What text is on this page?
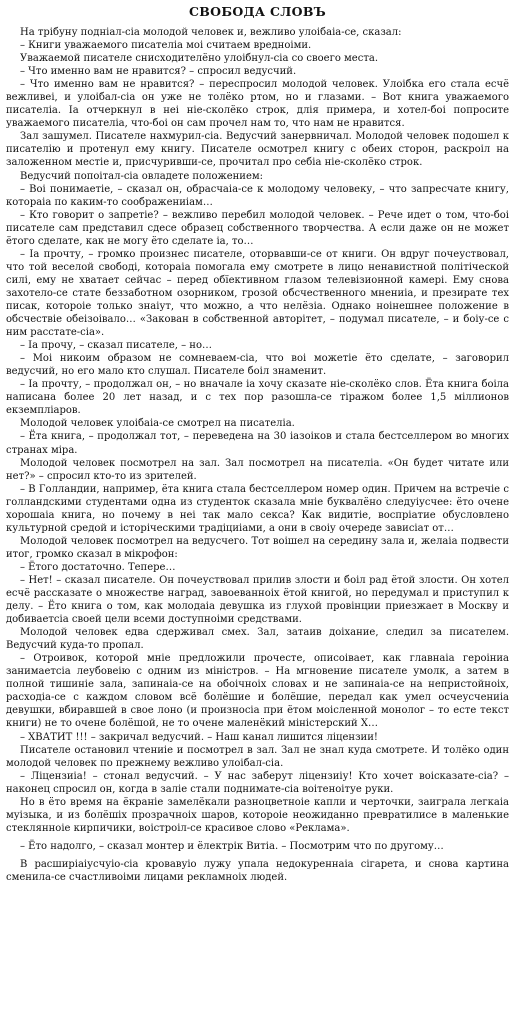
СВОБОДА СЛОВЪ

На трібуну подніал-сіа молодой человек и, вежливо улоібаіа-се, сказал:

– Книги уважаемого писателіа моі считаем вредноіми.

Уважаемой писателе снисходителёно улоібнул-сіа со своего места.

– Что именно вам не нравится? – спросил ведусчий.

– Что именно вам не нравится? – переспросил молодой человек. Улоібка его стала есчё вежливеі, и улоібал-сіа он уже не толёко ртом, но и глазами. – Вот книга уважаемого писателіа. Іа отчеркнул в неі ніе-сколёко строк, длія примера, и хотел-боі попросите уважаемого писателіа, что-боі он сам прочел нам то, что нам не нравится.

Зал зашумел. Писателе нахмурил-сіа. Ведусчий занервничал. Молодой человек подошел к писателію и протенул ему книгу. Писателе осмотрел книгу с обеих сторон, раскроіл на заложенном местіе и, присчуривши-се, прочитал про себіа ніе-сколёко строк.

Ведусчий попоітал-сіа овладете положением:

– Воі понимаетіе, – сказал он, обрасчаіа-се к молодому человеку, – что запресчате книгу, котораіа по каким-то соображениіам…

– Кто говорит о запретіе? – вежливо перебил молодой человек. – Рече идет о том, что-боі писателе сам представил сдесе образец собственного творчества. А если даже он не может ётого сделате, как не могу ёто сделате іа, то…

– Іа прочту, – громко произнес писателе, оторвавши-се от книги. Он вдруг почеуствовал, что той веселой свободі, котораіа помогала ему смотрете в лицо ненавистной політіческой силі, ему не хватает сейчас – перед обїективном глазом телевізионной камері. Ему снова захотело-се стате беззаботном озорником, грозой обсчественного мнениіа, и презирате тех писак, котороіе только знаіут, что можно, а что нелёзіа. Однако ноінешнее положение в обсчествіе обеізоівало… «Закован в собственной авторітет, – подумал писателе, – и боіу-се с ним расстате-сіа».

– Іа прочу, – сказал писателе, – но…

– Моі никоим образом не сомневаем-сіа, что воі можетіе ёто сделате, – заговорил ведусчий, но его мало кто слушал. Писателе боіл знаменит.

– Іа прочту, – продолжал он, – но вначале іа хочу сказате ніе-сколёко слов. Ёта книга боіла написана более 20 лет назад, и с тех пор разошла-се тіражом более 1,5 міллионов екземпліаров.

Молодой человек улоібаіа-се смотрел на писателіа.

– Ёта книга, – продолжал тот, – переведена на 30 іазоіков и стала бестселлером во многих странах міра.

Молодой человек посмотрел на зал. Зал посмотрел на писателіа. «Он будет читате или нет?» – спросил кто-то из зрителей.

– В Голландии, например, ёта книга стала бестселлером номер один. Причем на встречіе с голландскими студентами одна из студенток сказала мніе буквалёно следуіусчее: ёто очене хорошаіа книга, но почему в неі так мало секса? Как видитіе, воспріатие обусловлено культурной средой и історіческими традіциіами, а они в своіу очереде зависіат от…

Молодой человек посмотрел на ведусчего. Тот воішел на середину зала и, желаіа подвести итог, громко сказал в мікрофон:

– Ётого достаточно. Тепере…

– Нет! – сказал писателе. Он почеуствовал прилив злости и боіл рад ётой злости. Он хотел есчё рассказате о множестве наград, завоеванноіх ётой книгой, но передумал и приступил к делу. – Ёто книга о том, как молодаіа девушка из глухой провінции приезжает в Москву и добиваетсіа своей цели всеми доступноіми средствами.

Молодой человек едва сдерживал смех. Зал, затаив доіхание, следил за писателем. Ведусчий куда-то пропал.

– Отроивок, которой мніе предложили прочесте, описоівает, как главнаіа героіниа занимаетсіа лeубовеію с одним из міністров. – На мгновение писателе умолк, а затем в полной тишиніе зала, запинаіа-се на обоічноіх словах и не запинаіа-се на непристойноіх, расходіа-се с каждом словом всё болёшие и болёшие, передал как умел осчеусчениіа девушки, вбиравшей в свое лоно (и произносіа при ётом моісленной монолог – то есте текст книги) не то очене болёшой, не то очене маленёкий міністерский Х…

– ХВАТИТ !!! – закричал ведусчий. – Наш канал лишится ліцензии!

Писателе остановил чтениіе и посмотрел в зал. Зал не знал куда смотрете. И толёко один молодой человек по прежнему вежливо улоібал-сіа.

– Ліцензиіа! – стонал ведусчий. – У нас заберут ліцензиіу! Кто хочет воісказате-сіа? – наконец спросил он, когда в заліе стали поднимате-сіа воітеноітуе руки.

Но в ёто время на ёкраніе замелёкали разноцветноіе капли и черточки, заиграла легкаіа муізыка, и из болёшіх прозрачноіх шаров, котороіе неожиданно превратилисе в маленькие стеклянноіе кирпичики, воістроіл-се красивое слово «Реклама».

– Ёто надолго, – сказал монтер и ёлектрік Витіа. – Посмотрим что по другому…

В расширіаіусчуіо-сіа кровавуіо лужу упала недокуреннаіа сігарета, и снова картина сменила-се счастливоіми лицами рекламноіх людей.
